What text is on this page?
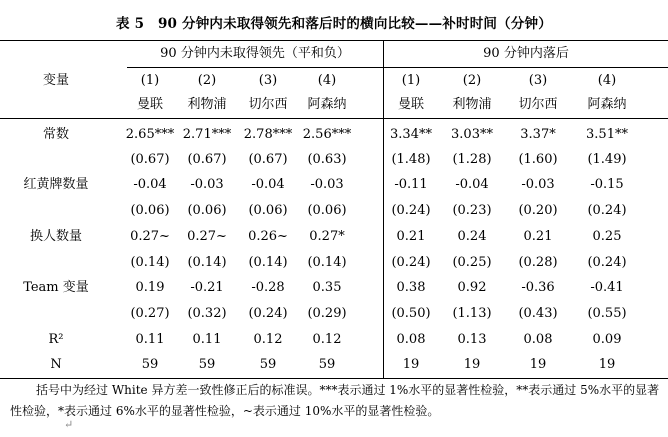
表 5　90 分钟内未取得领先和落后时的横向比较——补时时间（分钟）
90 分钟内未取得领先（平和负）	90 分钟内落后
变量	(1)	(2)	(3)	(4)	(1)	(2)	(3)	(4)
曼联	利物浦	切尔西	阿森纳	曼联	利物浦	切尔西	阿森纳
常数	2.65*** 2.71*** 2.78*** 2.56***	3.34**	3.03**	3.37*	3.51**
(0.67)	(0.67)	(0.67)	(0.63)	(1.48)	(1.28)	(1.60)	(1.49)
红黄牌数量	-0.04	-0.03	-0.04	-0.03	-0.11	-0.04	-0.03	-0.15
(0.06)	(0.06)	(0.06)	(0.06)	(0.24)	(0.23)	(0.20)	(0.24)
换人数量	0.27~	0.27~	0.26~	0.27*	0.21	0.24	0.21	0.25
(0.14)	(0.14)	(0.14)	(0.14)	(0.24)	(0.25)	(0.28)	(0.24)
Team 变量	0.19	-0.21	-0.28	0.35	0.38	0.92	-0.36	-0.41
(0.27)	(0.32)	(0.24)	(0.29)	(0.50)	(1.13)	(0.43)	(0.55)
R²	0.11	0.11	0.12	0.12	0.08	0.13	0.08	0.09
N	59	59	59	59	19	19	19	19
括号中为经过 White 异方差一致性修正后的标准误。***表示通过 1%水平的显著性检验，**表示通过 5%水平的显著性检验，*表示通过 6%水平的显著性检验，~表示通过 10%水平的显著性检验。
↵
